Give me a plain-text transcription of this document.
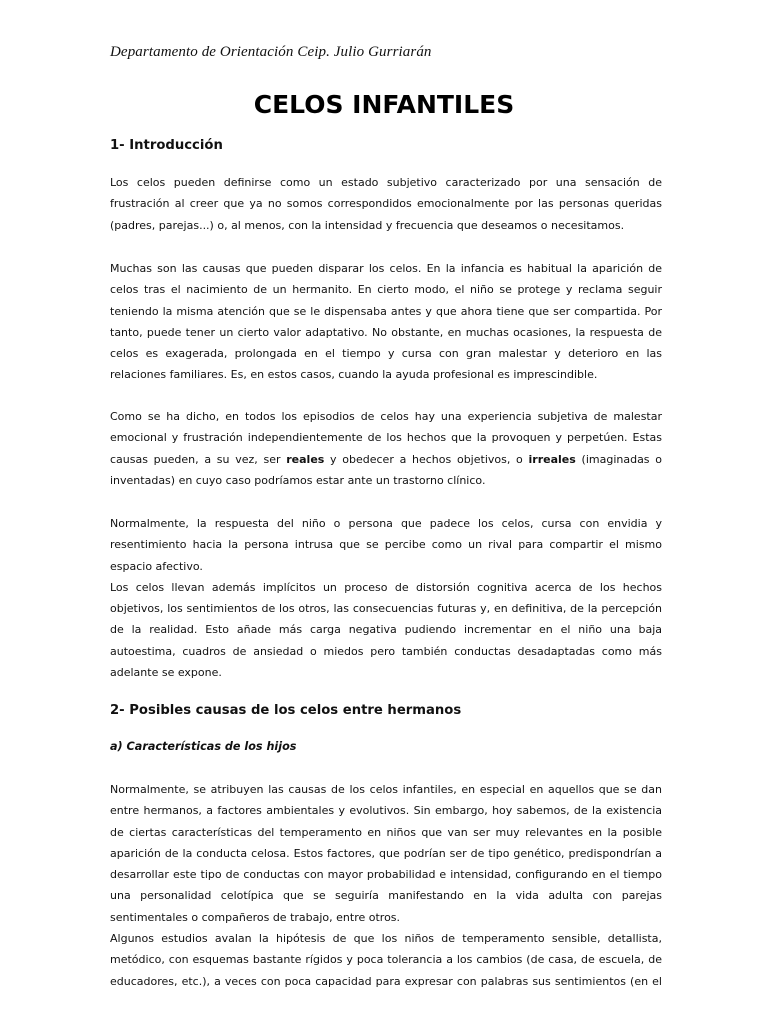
Departamento de Orientación Ceip. Julio Gurriarán
CELOS INFANTILES
1- Introducción
Los celos pueden definirse como un estado subjetivo caracterizado por una sensación de
frustración al creer que ya no somos correspondidos emocionalmente por las personas queridas
(padres, parejas...) o, al menos, con la intensidad y frecuencia que deseamos o necesitamos.
Muchas son las causas que pueden disparar los celos. En la infancia es habitual la aparición de
celos tras el nacimiento de un hermanito. En cierto modo, el niño se protege y reclama seguir
teniendo la misma atención que se le dispensaba antes y que ahora tiene que ser compartida. Por
tanto, puede tener un cierto valor adaptativo. No obstante, en muchas ocasiones, la respuesta de
celos es exagerada, prolongada en el tiempo y cursa con gran malestar y deterioro en las
relaciones familiares. Es, en estos casos, cuando la ayuda profesional es imprescindible.
Como se ha dicho, en todos los episodios de celos hay una experiencia subjetiva de malestar
emocional y frustración independientemente de los hechos que la provoquen y perpetúen. Estas
causas pueden, a su vez, ser reales y obedecer a hechos objetivos, o irreales (imaginadas o
inventadas) en cuyo caso podríamos estar ante un trastorno clínico.
Normalmente, la respuesta del niño o persona que padece los celos, cursa con envidia y
resentimiento hacia la persona intrusa que se percibe como un rival para compartir el mismo
espacio afectivo.
Los celos llevan además implícitos un proceso de distorsión cognitiva acerca de los hechos
objetivos, los sentimientos de los otros, las consecuencias futuras y, en definitiva, de la percepción
de la realidad. Esto añade más carga negativa pudiendo incrementar en el niño una baja
autoestima, cuadros de ansiedad o miedos pero también conductas desadaptadas como más
adelante se expone.
2- Posibles causas de los celos entre hermanos
a) Características de los hijos
Normalmente, se atribuyen las causas de los celos infantiles, en especial en aquellos que se dan
entre hermanos, a factores ambientales y evolutivos. Sin embargo, hoy sabemos, de la existencia
de ciertas características del temperamento en niños que van ser muy relevantes en la posible
aparición de la conducta celosa. Estos factores, que podrían ser de tipo genético, predispondrían a
desarrollar este tipo de conductas con mayor probabilidad e intensidad, configurando en el tiempo
una personalidad celotípica que se seguiría manifestando en la vida adulta con parejas
sentimentales o compañeros de trabajo, entre otros.
Algunos estudios avalan la hipótesis de que los niños de temperamento sensible, detallista,
metódico, con esquemas bastante rígidos y poca tolerancia a los cambios (de casa, de escuela, de
educadores, etc.), a veces con poca capacidad para expresar con palabras sus sentimientos (en el
